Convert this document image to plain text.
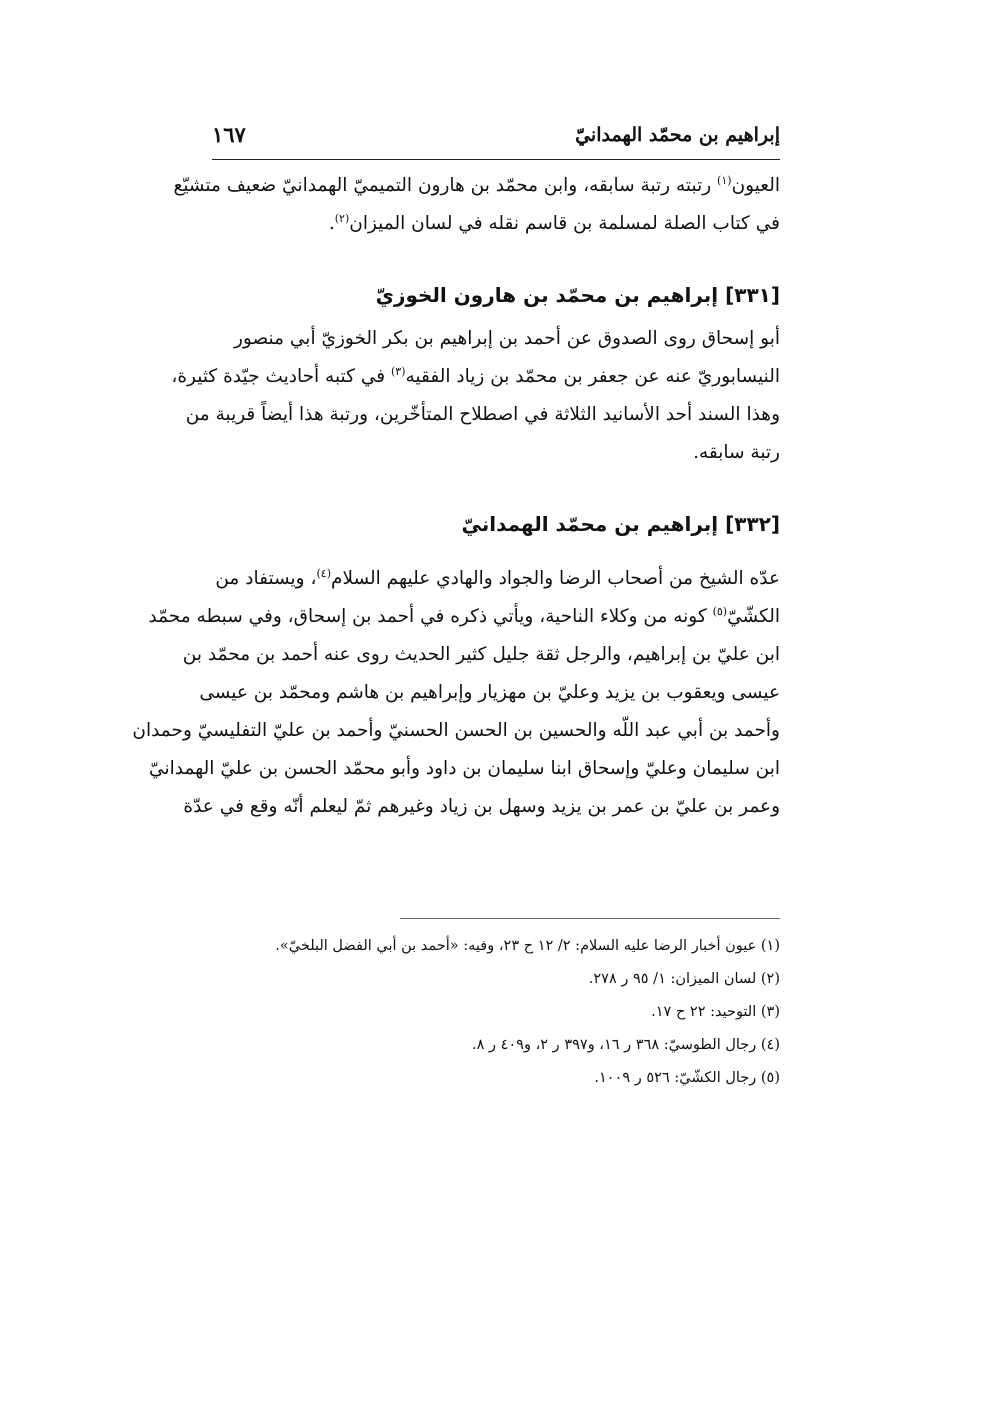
إبراهيم بن محمّد الهمدانيّ
١٦٧
العيون$^{(١)}$ رتبته رتبة سابقه، وابن محمّد بن هارون التميميّ الهمدانيّ ضعيف متشيّع
في كتاب الصلة لمسلمة بن قاسم نقله في لسان الميزان$^{(٢)}$.
[٣٣١] إبراهيم بن محمّد بن هارون الخوزيّ
أبو إسحاق روى الصدوق عن أحمد بن إبراهيم بن بكر الخوزيّ أبي منصور
النيسابوريّ عنه عن جعفر بن محمّد بن زياد الفقيه$^{(٣)}$ في كتبه أحاديث جيّدة كثيرة،
وهذا السند أحد الأسانيد الثلاثة في اصطلاح المتأخّرين، ورتبة هذا أيضاً قريبة من
رتبة سابقه.
[٣٣٢] إبراهيم بن محمّد الهمدانيّ
عدّه الشيخ من أصحاب الرضا والجواد والهادي عليهم السلام$^{(٤)}$، ويستفاد من
الكشّيّ$^{(٥)}$ كونه من وكلاء الناحية، ويأتي ذكره في أحمد بن إسحاق، وفي سبطه محمّد
ابن عليّ بن إبراهيم، والرجل ثقة جليل كثير الحديث روى عنه أحمد بن محمّد بن
عيسى ويعقوب بن يزيد وعليّ بن مهزيار وإبراهيم بن هاشم ومحمّد بن عيسى
وأحمد بن أبي عبد اللّه والحسين بن الحسن الحسنيّ وأحمد بن عليّ التفليسيّ وحمدان
ابن سليمان وعليّ وإسحاق ابنا سليمان بن داود وأبو محمّد الحسن بن عليّ الهمدانيّ
وعمر بن عليّ بن عمر بن يزيد وسهل بن زياد وغيرهم ثمّ ليعلم أنّه وقع في عدّة
(١) عيون أخبار الرضا عليه السلام: ٢/ ١٢ ح ٢٣، وفيه: «أحمد بن أبي الفضل البلخيّ».
(٢) لسان الميزان: ١/ ٩٥ ر ٢٧٨.
(٣) التوحيد: ٢٢ ح ١٧.
(٤) رجال الطوسيّ: ٣٦٨ ر ١٦، و٣٩٧ ر ٢، و٤٠٩ ر ٨.
(٥) رجال الكشّيّ: ٥٢٦ ر ١٠٠٩.
